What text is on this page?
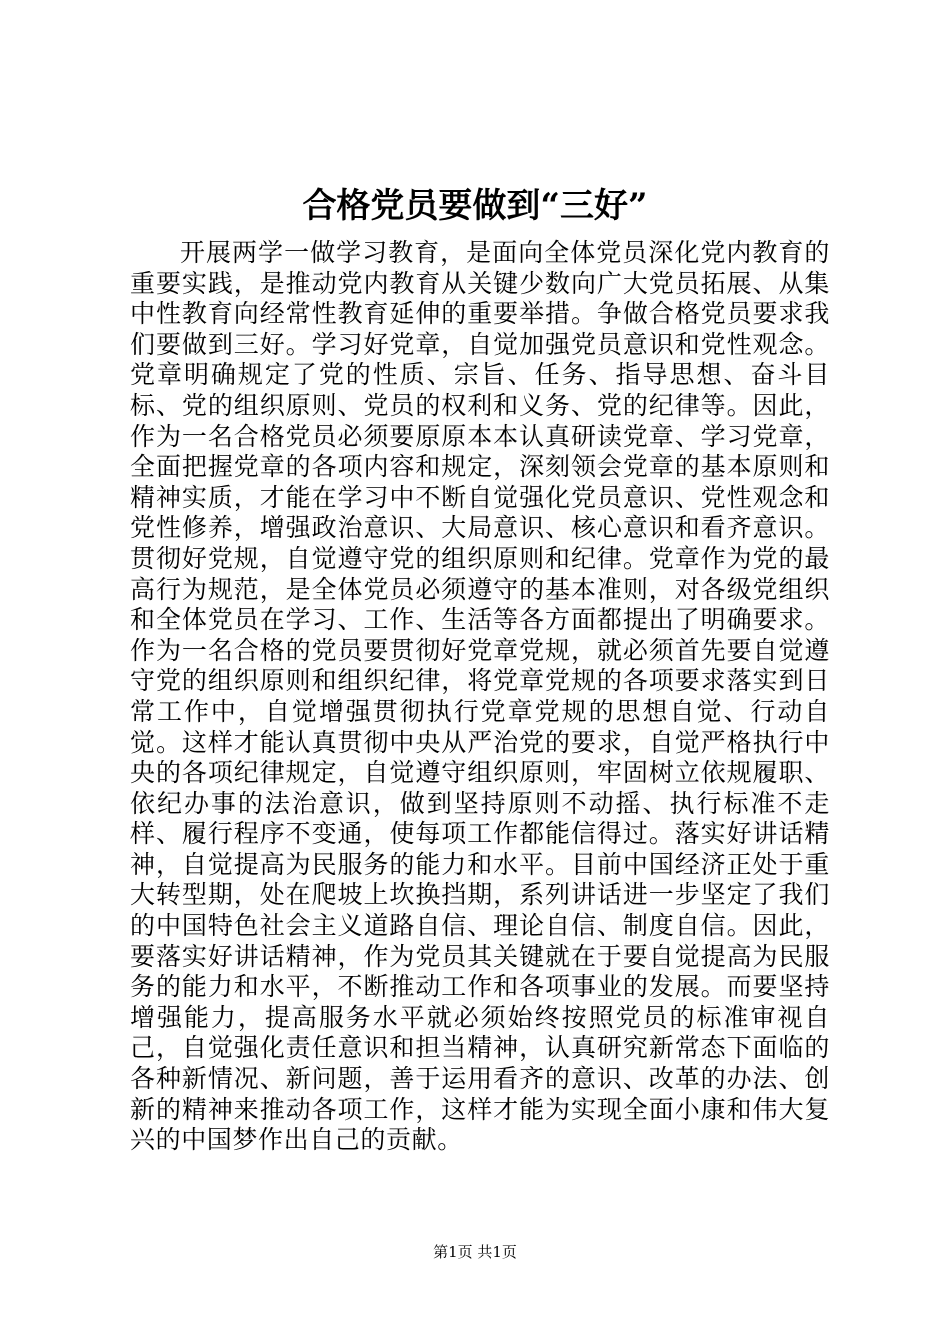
合格党员要做到“三好”

开展两学一做学习教育，是面向全体党员深化党内教育的重要实践，是推动党内教育从关键少数向广大党员拓展、从集中性教育向经常性教育延伸的重要举措。争做合格党员要求我们要做到三好。学习好党章，自觉加强党员意识和党性观念。党章明确规定了党的性质、宗旨、任务、指导思想、奋斗目标、党的组织原则、党员的权利和义务、党的纪律等。因此，作为一名合格党员必须要原原本本认真研读党章、学习党章，全面把握党章的各项内容和规定，深刻领会党章的基本原则和精神实质，才能在学习中不断自觉强化党员意识、党性观念和党性修养，增强政治意识、大局意识、核心意识和看齐意识。贯彻好党规，自觉遵守党的组织原则和纪律。党章作为党的最高行为规范，是全体党员必须遵守的基本准则，对各级党组织和全体党员在学习、工作、生活等各方面都提出了明确要求。作为一名合格的党员要贯彻好党章党规，就必须首先要自觉遵守党的组织原则和组织纪律，将党章党规的各项要求落实到日常工作中，自觉增强贯彻执行党章党规的思想自觉、行动自觉。这样才能认真贯彻中央从严治党的要求，自觉严格执行中央的各项纪律规定，自觉遵守组织原则，牢固树立依规履职、依纪办事的法治意识，做到坚持原则不动摇、执行标准不走样、履行程序不变通，使每项工作都能信得过。落实好讲话精神，自觉提高为民服务的能力和水平。目前中国经济正处于重大转型期，处在爬坡上坎换挡期，系列讲话进一步坚定了我们的中国特色社会主义道路自信、理论自信、制度自信。因此，要落实好讲话精神，作为党员其关键就在于要自觉提高为民服务的能力和水平，不断推动工作和各项事业的发展。而要坚持增强能力，提高服务水平就必须始终按照党员的标准审视自己，自觉强化责任意识和担当精神，认真研究新常态下面临的各种新情况、新问题，善于运用看齐的意识、改革的办法、创新的精神来推动各项工作，这样才能为实现全面小康和伟大复兴的中国梦作出自己的贡献。

第1页 共1页
